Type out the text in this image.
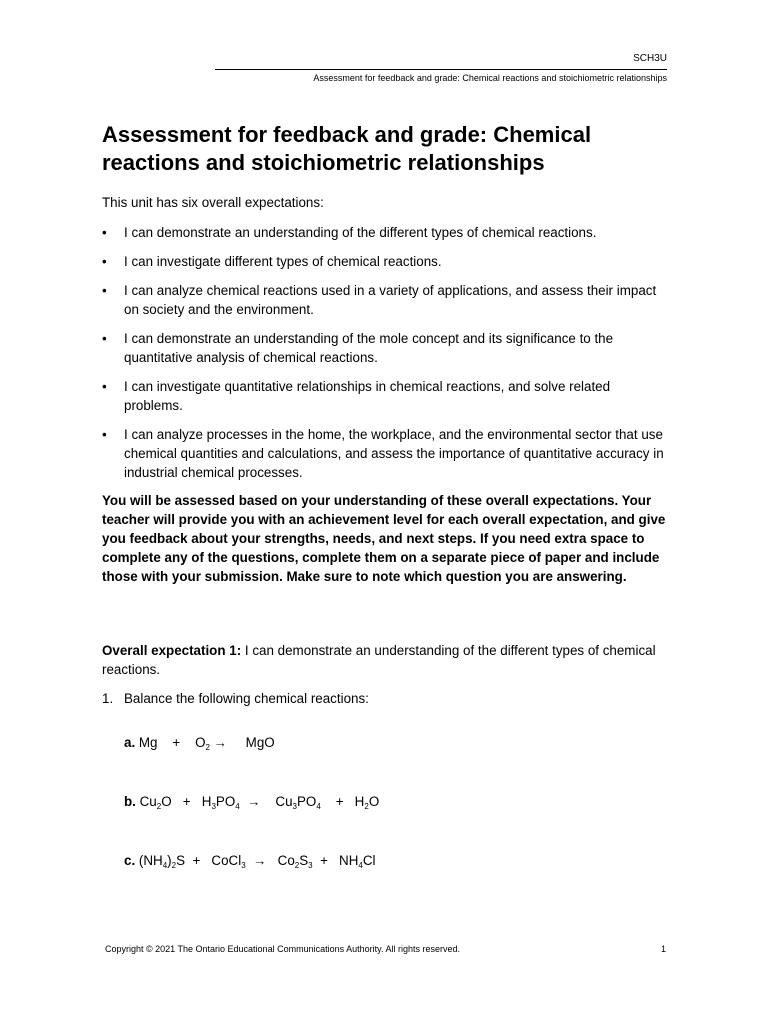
SCH3U
Assessment for feedback and grade: Chemical reactions and stoichiometric relationships
Assessment for feedback and grade: Chemical reactions and stoichiometric relationships

This unit has six overall expectations:

• I can demonstrate an understanding of the different types of chemical reactions.
• I can investigate different types of chemical reactions.
• I can analyze chemical reactions used in a variety of applications, and assess their impact on society and the environment.
• I can demonstrate an understanding of the mole concept and its significance to the quantitative analysis of chemical reactions.
• I can investigate quantitative relationships in chemical reactions, and solve related problems.
• I can analyze processes in the home, the workplace, and the environmental sector that use chemical quantities and calculations, and assess the importance of quantitative accuracy in industrial chemical processes.

You will be assessed based on your understanding of these overall expectations. Your teacher will provide you with an achievement level for each overall expectation, and give you feedback about your strengths, needs, and next steps. If you need extra space to complete any of the questions, complete them on a separate piece of paper and include those with your submission. Make sure to note which question you are answering.

Overall expectation 1: I can demonstrate an understanding of the different types of chemical reactions.

1. Balance the following chemical reactions:

a. Mg    +    $O_2$ →     MgO

b. $Cu_2O + H_3PO_4$  →    $Cu_3PO_4$    +   $H_2O$

c. $(NH_4)_2S$  +   CoCl$_3$  →   $Co_2S_3 + NH_4Cl$

Copyright © 2021 The Ontario Educational Communications Authority. All rights reserved.	1
